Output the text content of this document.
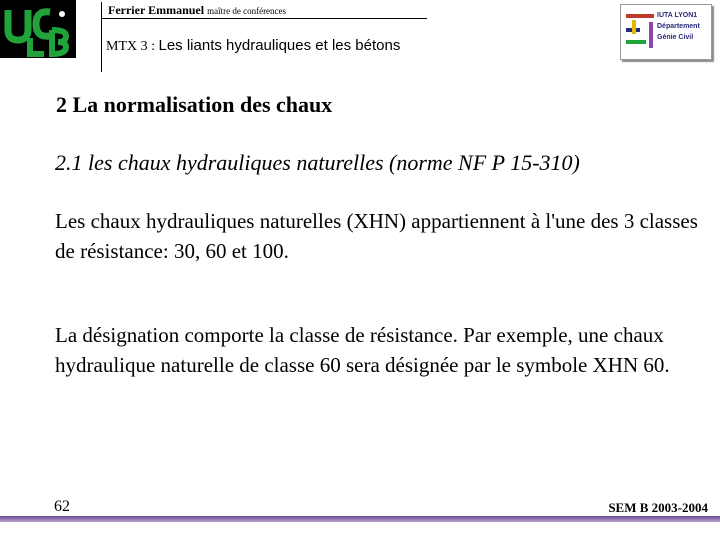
Ferrier Emmanuel maître de conférences
MTX 3 : Les liants hydrauliques et les bétons
IUTA LYON1
Département
Génie Civil
2 La normalisation des chaux
2.1 les chaux hydrauliques naturelles (norme NF P 15-310)
Les chaux hydrauliques naturelles (XHN) appartiennent à l'une des 3 classes de résistance: 30, 60 et 100.
La désignation comporte la classe de résistance. Par exemple, une chaux hydraulique naturelle de classe 60 sera désignée par le symbole XHN 60.
62	SEM B 2003-2004
